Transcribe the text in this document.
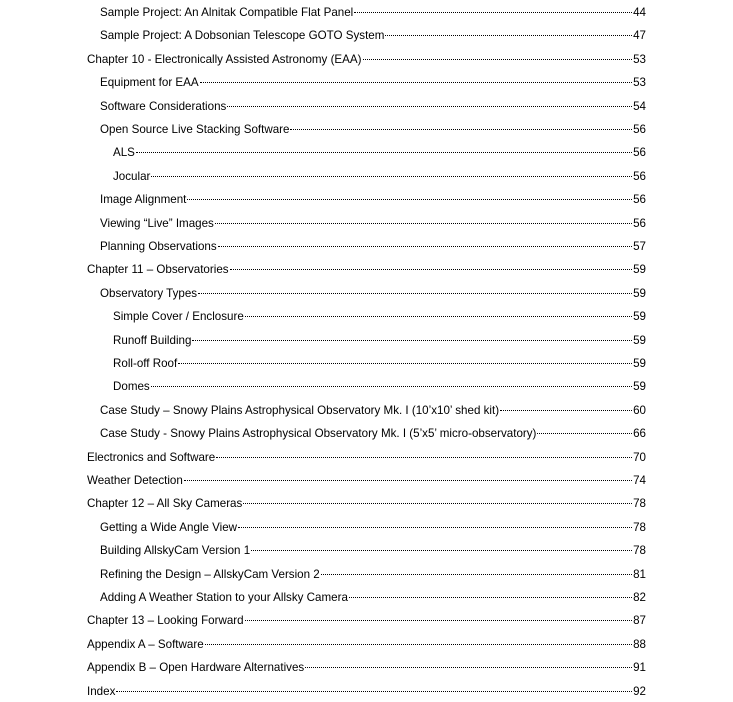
Sample Project: An Alnitak Compatible Flat Panel	44
Sample Project: A Dobsonian Telescope GOTO System	47
Chapter 10 - Electronically Assisted Astronomy (EAA)	53
Equipment for EAA	53
Software Considerations	54
Open Source Live Stacking Software	56
ALS	56
Jocular	56
Image Alignment	56
Viewing “Live” Images	56
Planning Observations	57
Chapter 11 – Observatories	59
Observatory Types	59
Simple Cover / Enclosure	59
Runoff Building	59
Roll-off Roof	59
Domes	59
Case Study – Snowy Plains Astrophysical Observatory Mk. I (10’x10’ shed kit)	60
Case Study - Snowy Plains Astrophysical Observatory Mk. I (5’x5’ micro-observatory)	66
Electronics and Software	70
Weather Detection	74
Chapter 12 – All Sky Cameras	78
Getting a Wide Angle View	78
Building AllskyCam Version 1	78
Refining the Design – AllskyCam Version 2	81
Adding A Weather Station to your Allsky Camera	82
Chapter 13 – Looking Forward	87
Appendix A – Software	88
Appendix B – Open Hardware Alternatives	91
Index	92
